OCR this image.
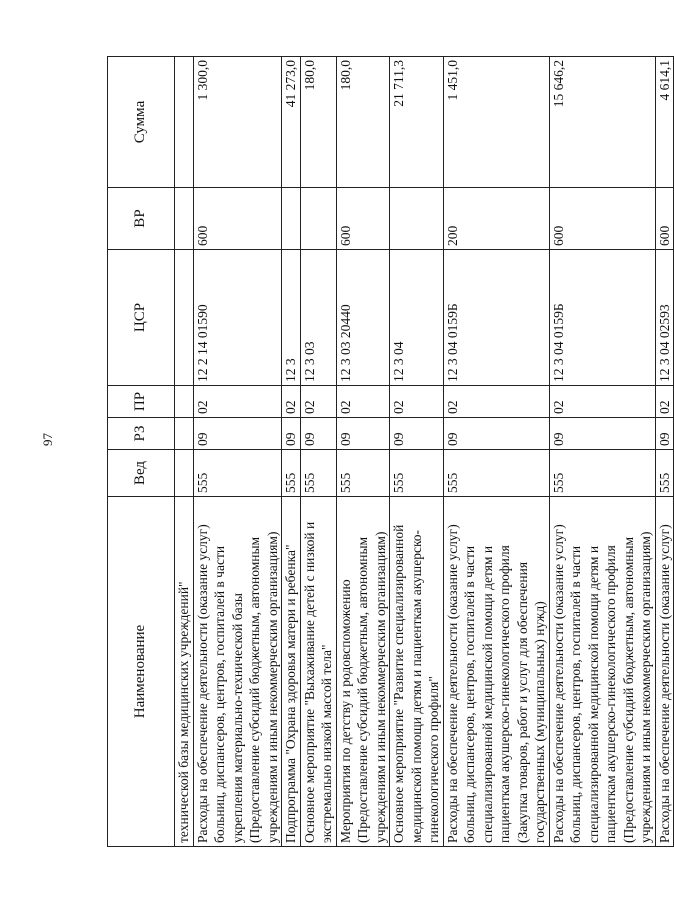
97
Наименование	Вед	РЗ	ПР	ЦСР	ВР	Сумма
технической базы медицинских учреждений"						
Расходы на обеспечение деятельности (оказание услуг) больниц, диспансеров, центров, госпиталей в части укрепления материально-технической базы (Предоставление субсидий бюджетным, автономным учреждениям и иным некоммерческим организациям)	555	09	02	12 2 14 01590	600	1 300,0
Подпрограмма "Охрана здоровья матери и ребенка"	555	09	02	12 3		41 273,0
Основное мероприятие "Выхаживание детей с низкой и экстремально низкой массой тела"	555	09	02	12 3 03		180,0
Мероприятия по детству и родовспоможению (Предоставление субсидий бюджетным, автономным учреждениям и иным некоммерческим организациям)	555	09	02	12 3 03 20440	600	180,0
Основное мероприятие "Развитие специализированной медицинской помощи детям и пациенткам акушерско-гинекологического профиля"	555	09	02	12 3 04		21 711,3
Расходы на обеспечение деятельности (оказание услуг) больниц, диспансеров, центров, госпиталей в части специализированной медицинской помощи детям и пациенткам акушерско-гинекологического профиля (Закупка товаров, работ и услуг для обеспечения государственных (муниципальных) нужд)	555	09	02	12 3 04 0159Б	200	1 451,0
Расходы на обеспечение деятельности (оказание услуг) больниц, диспансеров, центров, госпиталей в части специализированной медицинской помощи детям и пациенткам акушерско-гинекологического профиля (Предоставление субсидий бюджетным, автономным учреждениям и иным некоммерческим организациям)	555	09	02	12 3 04 0159Б	600	15 646,2
Расходы на обеспечение деятельности (оказание услуг)	555	09	02	12 3 04 02593	600	4 614,1
